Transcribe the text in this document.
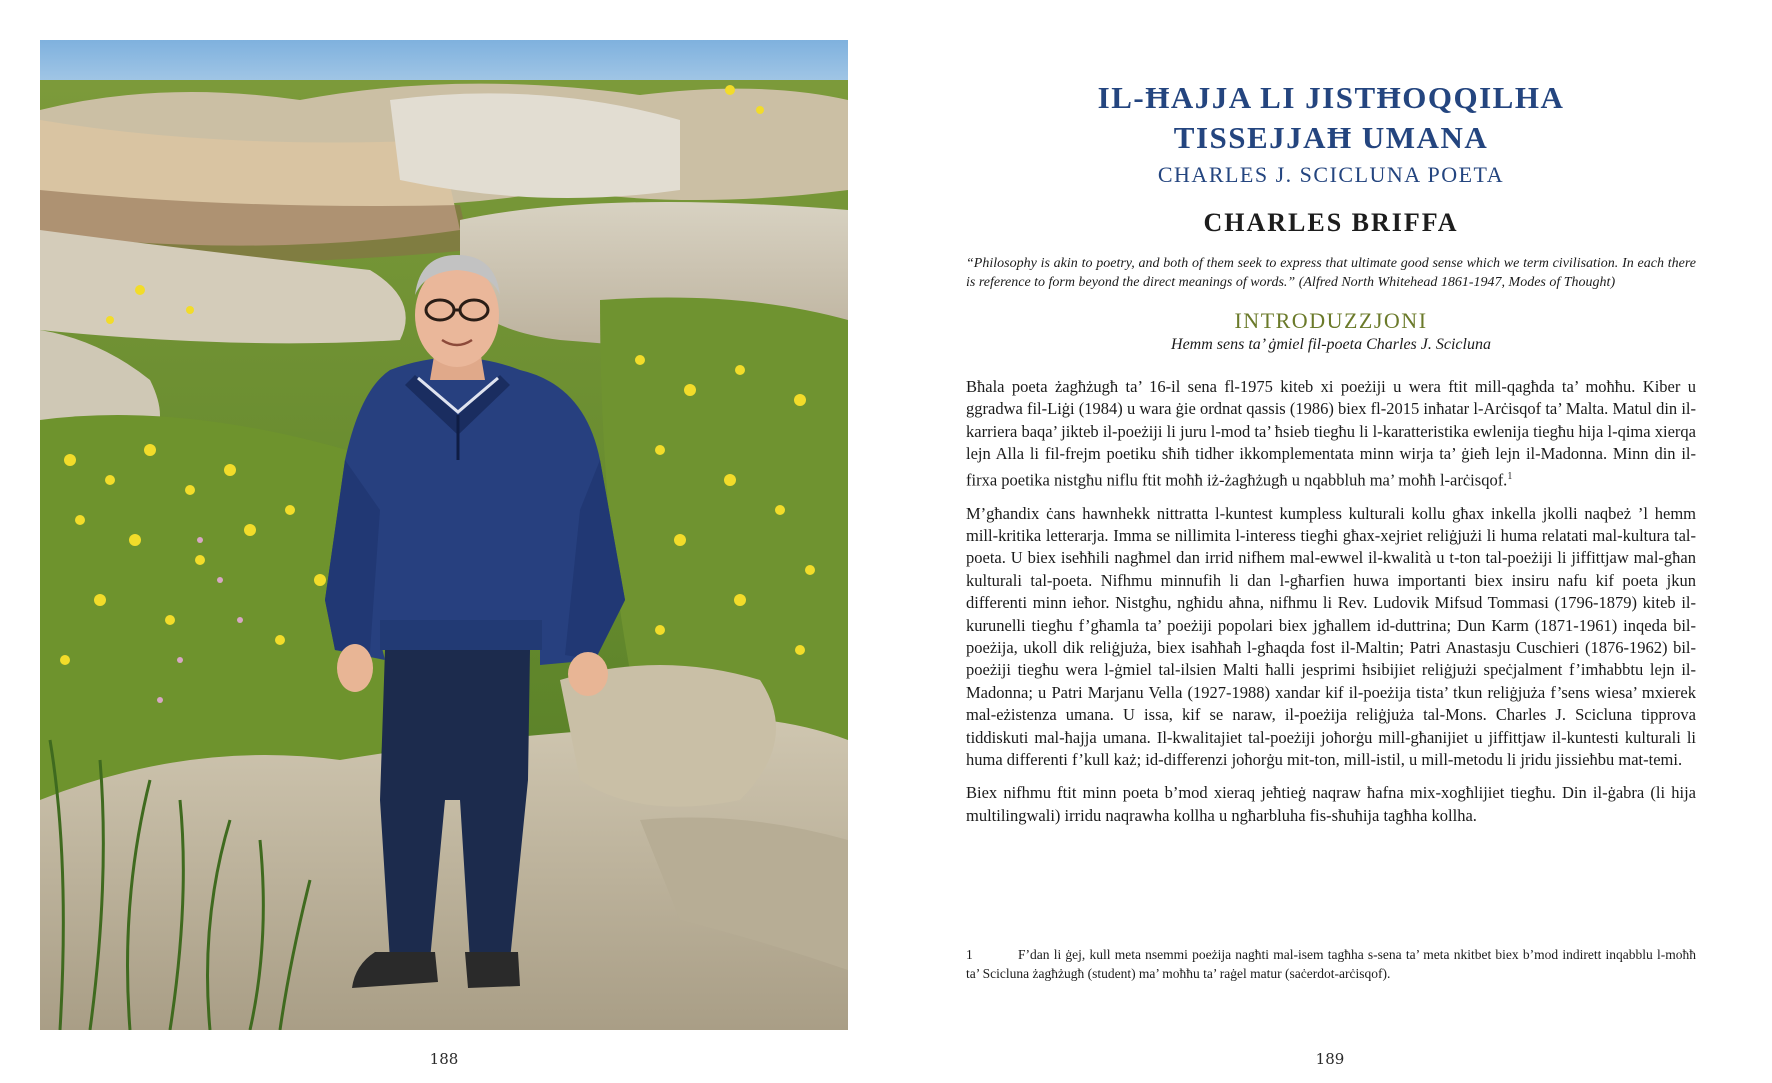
188
IL-ĦAJJA LI JISTĦOQQILHA
TISSEJJAĦ UMANA

CHARLES J. SCICLUNA POETA

CHARLES BRIFFA

“Philosophy is akin to poetry, and both of them seek to express that ultimate good sense which we term civilisation. In each there is reference to form beyond the direct meanings of words.” (Alfred North Whitehead 1861-1947, Modes of Thought)

INTRODUZZJONI

Hemm sens ta’ ġmiel fil-poeta Charles J. Scicluna

Bħala poeta żagħżugħ ta’ 16-il sena fl-1975 kiteb xi poeżiji u wera ftit mill-qagħda ta’ moħħu. Kiber u ggradwa fil-Liġi (1984) u wara ġie ordnat qassis (1986) biex fl-2015 inħatar l-Arċisqof ta’ Malta. Matul din il-karriera baqa’ jikteb il-poeżiji li juru l-mod ta’ ħsieb tiegħu li l-karatteristika ewlenija tiegħu hija l-qima xierqa lejn Alla li fil-frejm poetiku sħiħ tidher ikkomplementata minn wirja ta’ ġieħ lejn il-Madonna. Minn din il-firxa poetika nistgħu niflu ftit moħħ iż-żagħżugħ u nqabbluh ma’ moħħ l-arċisqof.$^1$

M’għandix ċans hawnhekk nittratta l-kuntest kumpless kulturali kollu għax inkella jkolli naqbeż ’l hemm mill-kritika letterarja. Imma se nillimita l-interess tiegħi għax-xejriet reliġjużi li huma relatati mal-kultura tal-poeta. U biex iseħħili nagħmel dan irrid nifhem mal-ewwel il-kwalità u t-ton tal-poeżiji li jiffittjaw mal-għan kulturali tal-poeta. Nifhmu minnufih li dan l-għarfien huwa importanti biex insiru nafu kif poeta jkun differenti minn ieħor. Nistgħu, ngħidu aħna, nifhmu li Rev. Ludovik Mifsud Tommasi (1796-1879) kiteb il-kurunelli tiegħu f’għamla ta’ poeżiji popolari biex jgħallem id-duttrina; Dun Karm (1871-1961) inqeda bil-poeżija, ukoll dik reliġjuża, biex isaħħaħ l-għaqda fost il-Maltin; Patri Anastasju Cuschieri (1876-1962) bil-poeżiji tiegħu wera l-ġmiel tal-ilsien Malti ħalli jesprimi ħsibijiet reliġjużi speċjalment f’imħabbtu lejn il-Madonna; u Patri Marjanu Vella (1927-1988) xandar kif il-poeżija tista’ tkun reliġjuża f’sens wiesa’ mxierek mal-eżistenza umana. U issa, kif se naraw, il-poeżija reliġjuża tal-Mons. Charles J. Scicluna tipprova tiddiskuti mal-ħajja umana. Il-kwalitajiet tal-poeżiji joħorġu mill-għanijiet u jiffittjaw il-kuntesti kulturali li huma differenti f’kull każ; id-differenzi joħorġu mit-ton, mill-istil, u mill-metodu li jridu jissieħbu mat-temi.

Biex nifhmu ftit minn poeta b’mod xieraq jeħtieġ naqraw ħafna mix-xogħlijiet tiegħu. Din il-ġabra (li hija multilingwali) irridu naqrawha kollha u ngħarbluha fis-sħuħija tagħha kollha.

1	F’dan li ġej, kull meta nsemmi poeżija nagħti mal-isem tagħha s-sena ta’ meta nkitbet biex b’mod indirett inqabblu l-moħħ ta’ Scicluna żagħżugħ (student) ma’ moħħu ta’ raġel matur (saċerdot-arċisqof).
189
